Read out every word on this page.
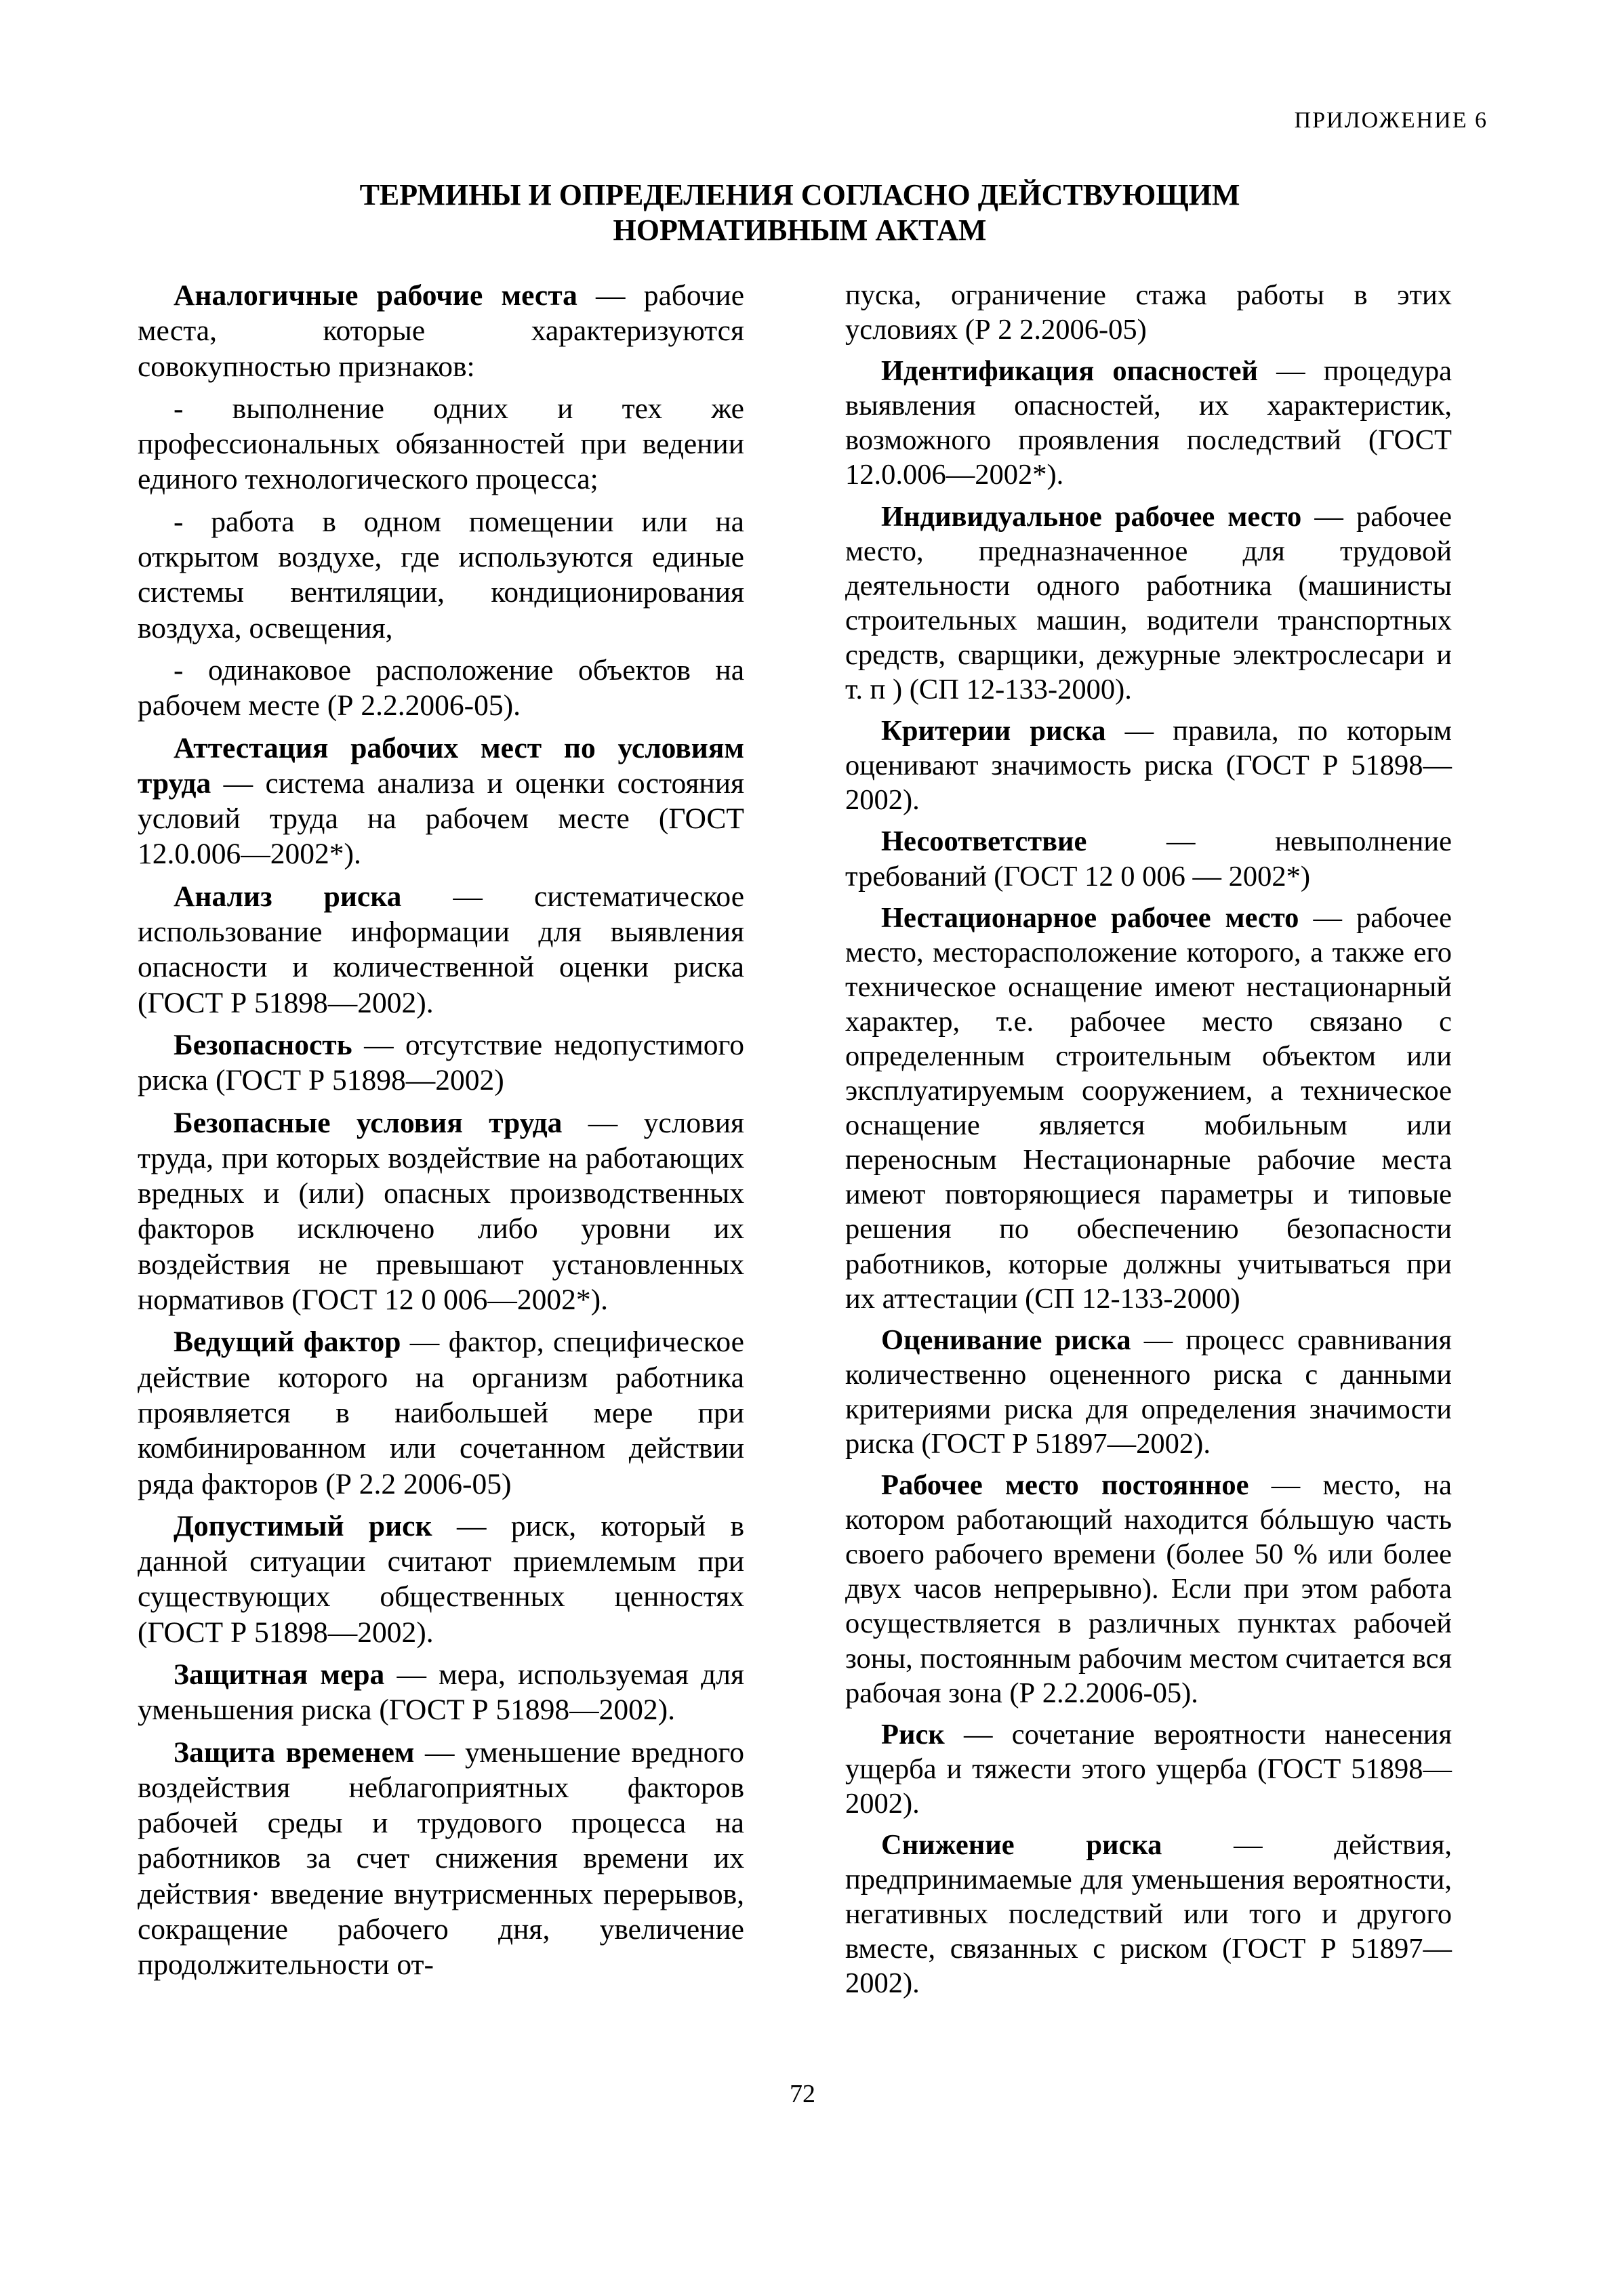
ПРИЛОЖЕНИЕ 6
ТЕРМИНЫ И ОПРЕДЕЛЕНИЯ СОГЛАСНО ДЕЙСТВУЮЩИМ
НОРМАТИВНЫМ АКТАМ

Аналогичные рабочие места — рабочие места, которые характеризуются совокупностью признаков:

- выполнение одних и тех же профессиональных обязанностей при ведении единого технологического процесса;

- работа в одном помещении или на открытом воздухе, где используются единые системы вентиляции, кондиционирования воздуха, освещения,

- одинаковое расположение объектов на рабочем месте (Р 2.2.2006-05).

Аттестация рабочих мест по условиям труда — система анализа и оценки состояния условий труда на рабочем месте (ГОСТ 12.0.006—2002*).

Анализ риска — систематическое использование информации для выявления опасности и количественной оценки риска (ГОСТ Р 51898—2002).

Безопасность — отсутствие недопустимого риска (ГОСТ Р 51898—2002)

Безопасные условия труда — условия труда, при которых воздействие на работающих вредных и (или) опасных производственных факторов исключено либо уровни их воздействия не превышают установленных нормативов (ГОСТ 12 0 006—2002*).

Ведущий фактор — фактор, специфическое действие которого на организм работника проявляется в наибольшей мере при комбинированном или сочетанном действии ряда факторов (Р 2.2 2006-05)

Допустимый риск — риск, который в данной ситуации считают приемлемым при существующих общественных ценностях (ГОСТ Р 51898—2002).

Защитная мера — мера, используемая для уменьшения риска (ГОСТ Р 51898—2002).

Защита временем — уменьшение вредного воздействия неблагоприятных факторов рабочей среды и трудового процесса на работников за счет снижения времени их действия· введение внутрисменных перерывов, сокращение рабочего дня, увеличение продолжительности от-

пуска, ограничение стажа работы в этих условиях (Р 2 2.2006-05)

Идентификация опасностей — процедура выявления опасностей, их характеристик, возможного проявления последствий (ГОСТ 12.0.006—2002*).

Индивидуальное рабочее место — рабочее место, предназначенное для трудовой деятельности одного работника (машинисты строительных машин, водители транспортных средств, сварщики, дежурные электрослесари и т. п ) (СП 12-133-2000).

Критерии риска — правила, по которым оценивают значимость риска (ГОСТ Р 51898—2002).

Несоответствие — невыполнение требований (ГОСТ 12 0 006 — 2002*)

Нестационарное рабочее место — рабочее место, месторасположение которого, а также его техническое оснащение имеют нестационарный характер, т.е. рабочее место связано с определенным строительным объектом или эксплуатируемым сооружением, а техническое оснащение является мобильным или переносным Нестационарные рабочие места имеют повторяющиеся параметры и типовые решения по обеспечению безопасности работников, которые должны учитываться при их аттестации (СП 12-133-2000)

Оценивание риска — процесс сравнивания количественно оцененного риска с данными критериями риска для определения значимости риска (ГОСТ Р 51897—2002).

Рабочее место постоянное — место, на котором работающий находится бóльшую часть своего рабочего времени (более 50 % или более двух часов непрерывно). Если при этом работа осуществляется в различных пунктах рабочей зоны, постоянным рабочим местом считается вся рабочая зона (Р 2.2.2006-05).

Риск — сочетание вероятности нанесения ущерба и тяжести этого ущерба (ГОСТ 51898—2002).

Снижение риска — действия, предпринимаемые для уменьшения вероятности, негативных последствий или того и другого вместе, связанных с риском (ГОСТ Р 51897—2002).

72
